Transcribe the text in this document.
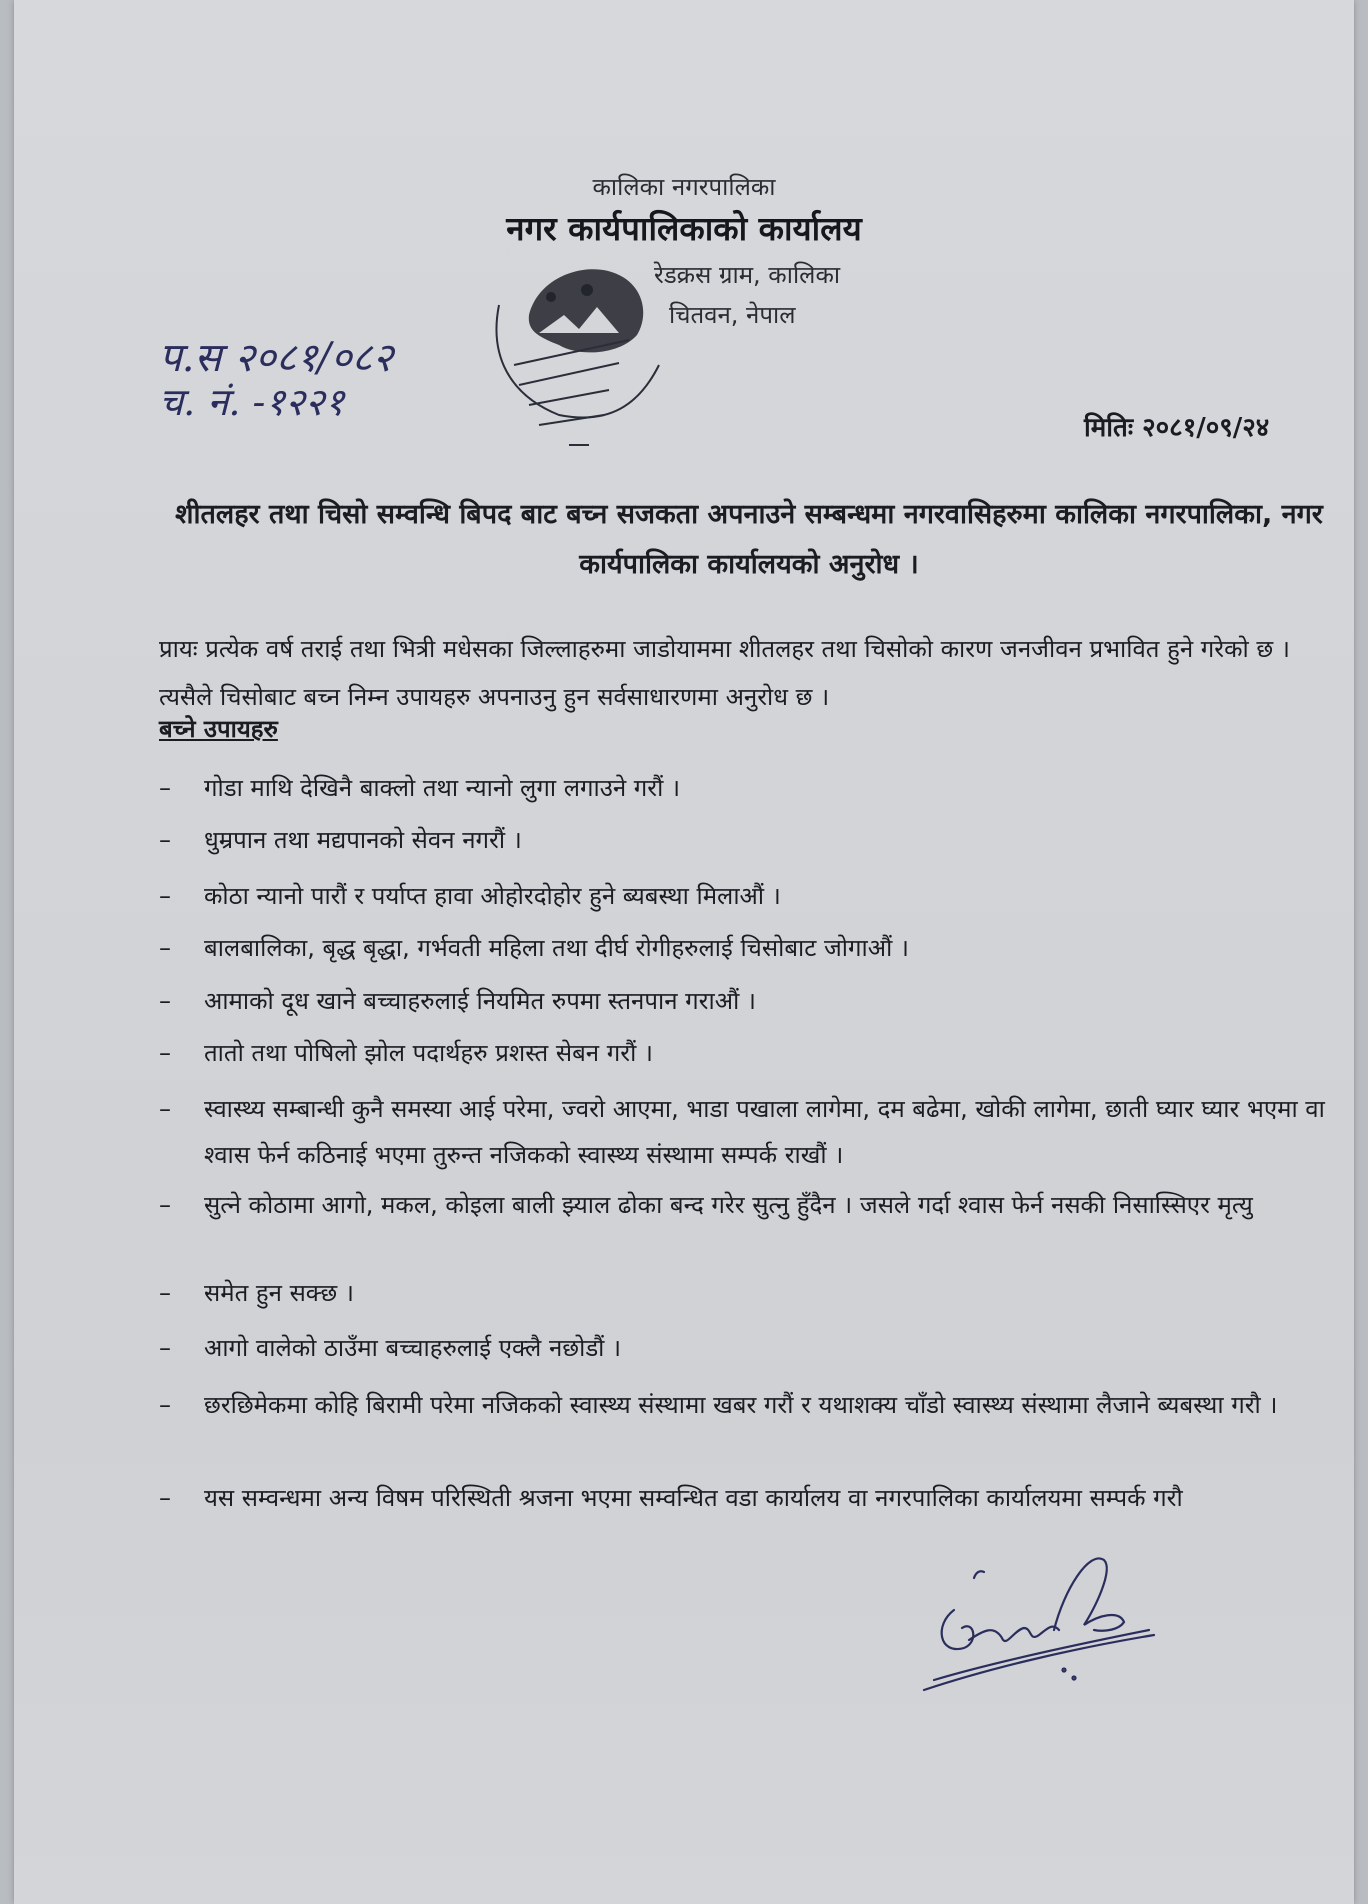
कालिका नगरपालिका
नगर कार्यपालिकाको कार्यालय
रेडक्रस ग्राम, कालिका
चितवन, नेपाल
प.स २०८१/०८२
च. नं. -१२२१
मितिः २०८१/०९/२४
शीतलहर तथा चिसो सम्वन्धि बिपद बाट बच्न सजकता अपनाउने सम्बन्धमा नगरवासिहरुमा कालिका नगरपालिका, नगर कार्यपालिका कार्यालयको अनुरोध ।
प्रायः प्रत्येक वर्ष तराई तथा भित्री मधेसका जिल्लाहरुमा जाडोयाममा शीतलहर तथा चिसोको कारण जनजीवन प्रभावित हुने गरेको छ । त्यसैले चिसोबाट बच्न निम्न उपायहरु अपनाउनु हुन सर्वसाधारणमा अनुरोध छ ।
बच्ने उपायहरु
–	गोडा माथि देखिनै बाक्लो तथा न्यानो लुगा लगाउने गरौं ।
–	धुम्रपान तथा मद्यपानको सेवन नगरौं ।
–	कोठा न्यानो पारौं र पर्याप्त हावा ओहोरदोहोर हुने ब्यबस्था मिलाऔं ।
–	बालबालिका, बृद्ध बृद्धा, गर्भवती महिला तथा दीर्घ रोगीहरुलाई चिसोबाट जोगाऔं ।
–	आमाको दूध खाने बच्चाहरुलाई नियमित रुपमा स्तनपान गराऔं ।
–	तातो तथा पोषिलो झोल पदार्थहरु प्रशस्त सेबन गरौं ।
–	स्वास्थ्य सम्बान्धी कुनै समस्या आई परेमा, ज्वरो आएमा, भाडा पखाला लागेमा, दम बढेमा, खोकी लागेमा, छाती घ्यार घ्यार भएमा वा श्वास फेर्न कठिनाई भएमा तुरुन्त नजिकको स्वास्थ्य संस्थामा सम्पर्क राखौं ।
–	सुत्ने कोठामा आगो, मकल, कोइला बाली झ्याल ढोका बन्द गरेर सुत्नु हुँदैन । जसले गर्दा श्वास फेर्न नसकी निसास्सिएर मृत्यु
–	समेत हुन सक्छ ।
–	आगो वालेको ठाउँमा बच्चाहरुलाई एक्लै नछोडौं ।
–	छरछिमेकमा कोहि बिरामी परेमा नजिकको स्वास्थ्य संस्थामा खबर गरौं र यथाशक्य चाँडो स्वास्थ्य संस्थामा लैजाने ब्यबस्था गरौ ।
–	यस सम्वन्धमा अन्य विषम परिस्थिती श्रजना भएमा सम्वन्धित वडा कार्यालय वा नगरपालिका कार्यालयमा सम्पर्क गरौ
